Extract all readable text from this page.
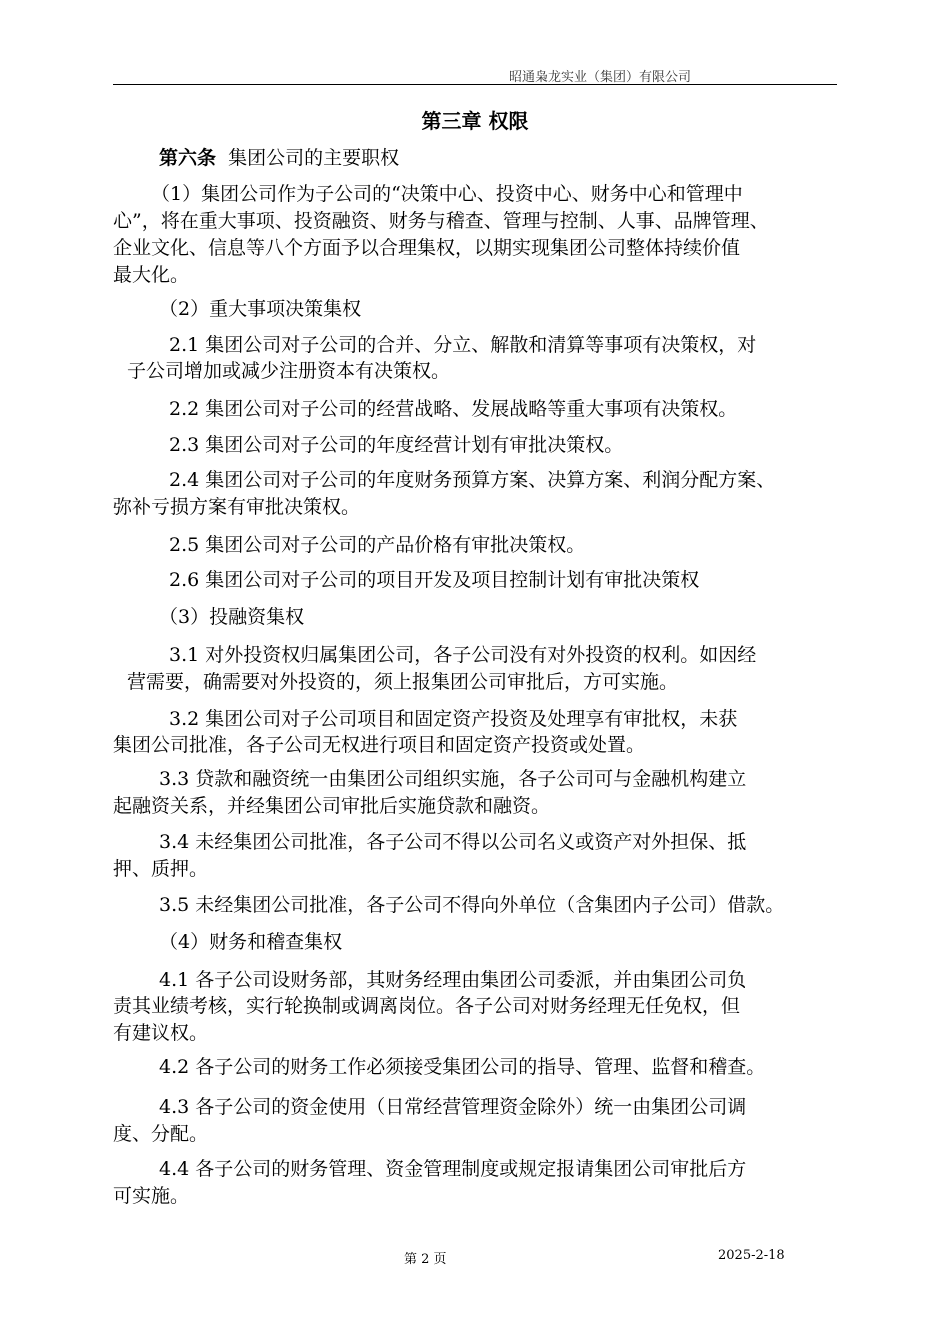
昭通枭龙实业（集团）有限公司
第三章 权限
第六条 集团公司的主要职权
（1）集团公司作为子公司的“决策中心、投资中心、财务中心和管理中
心”，将在重大事项、投资融资、财务与稽查、管理与控制、人事、品牌管理、
企业文化、信息等八个方面予以合理集权，以期实现集团公司整体持续价值
最大化。
（2）重大事项决策集权
2.1 集团公司对子公司的合并、分立、解散和清算等事项有决策权，对
子公司增加或减少注册资本有决策权。
2.2 集团公司对子公司的经营战略、发展战略等重大事项有决策权。
2.3 集团公司对子公司的年度经营计划有审批决策权。
2.4 集团公司对子公司的年度财务预算方案、决算方案、利润分配方案、
弥补亏损方案有审批决策权。
2.5 集团公司对子公司的产品价格有审批决策权。
2.6 集团公司对子公司的项目开发及项目控制计划有审批决策权
（3）投融资集权
3.1 对外投资权归属集团公司，各子公司没有对外投资的权利。如因经
营需要，确需要对外投资的，须上报集团公司审批后，方可实施。
3.2 集团公司对子公司项目和固定资产投资及处理享有审批权，未获
集团公司批准，各子公司无权进行项目和固定资产投资或处置。
3.3 贷款和融资统一由集团公司组织实施，各子公司可与金融机构建立
起融资关系，并经集团公司审批后实施贷款和融资。
3.4 未经集团公司批准，各子公司不得以公司名义或资产对外担保、抵
押、质押。
3.5 未经集团公司批准，各子公司不得向外单位（含集团内子公司）借款。
（4）财务和稽查集权
4.1 各子公司设财务部，其财务经理由集团公司委派，并由集团公司负
责其业绩考核，实行轮换制或调离岗位。各子公司对财务经理无任免权，但
有建议权。
4.2 各子公司的财务工作必须接受集团公司的指导、管理、监督和稽查。
4.3 各子公司的资金使用（日常经营管理资金除外）统一由集团公司调
度、分配。
4.4 各子公司的财务管理、资金管理制度或规定报请集团公司审批后方
可实施。
第 2 页	2025-2-18
